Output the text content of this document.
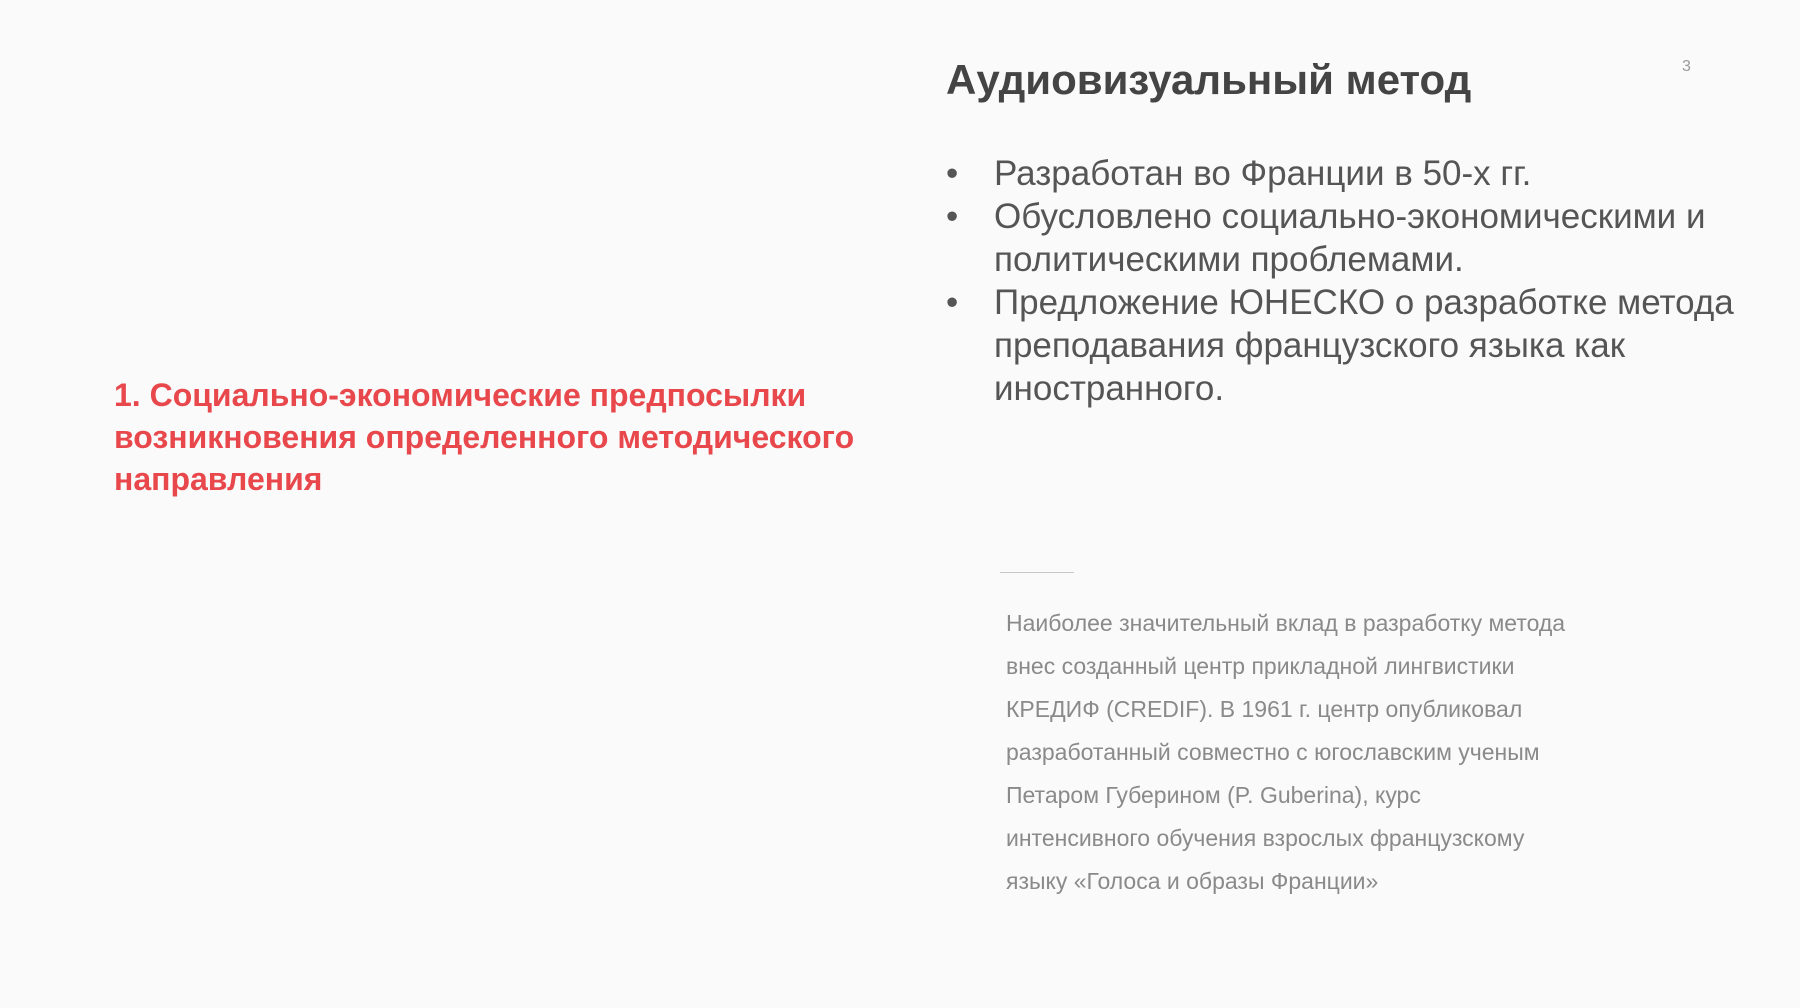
1. Социально-экономические предпосылки возникновения определенного методического направления
Аудиовизуальный метод	3
•	Разработан во Франции в 50-х гг.
•	Обусловлено социально-экономическими и политическими проблемами.
•	Предложение ЮНЕСКО о разработке метода преподавания французского языка как иностранного.

Наиболее значительный вклад в разработку метода внес созданный центр прикладной лингвистики КРЕДИФ (CREDIF). В 1961 г. центр опубликовал разработанный совместно с югославским ученым Петаром Губерином (P. Guberina), курс интенсивного обучения взрослых французскому языку «Голоса и образы Франции»
